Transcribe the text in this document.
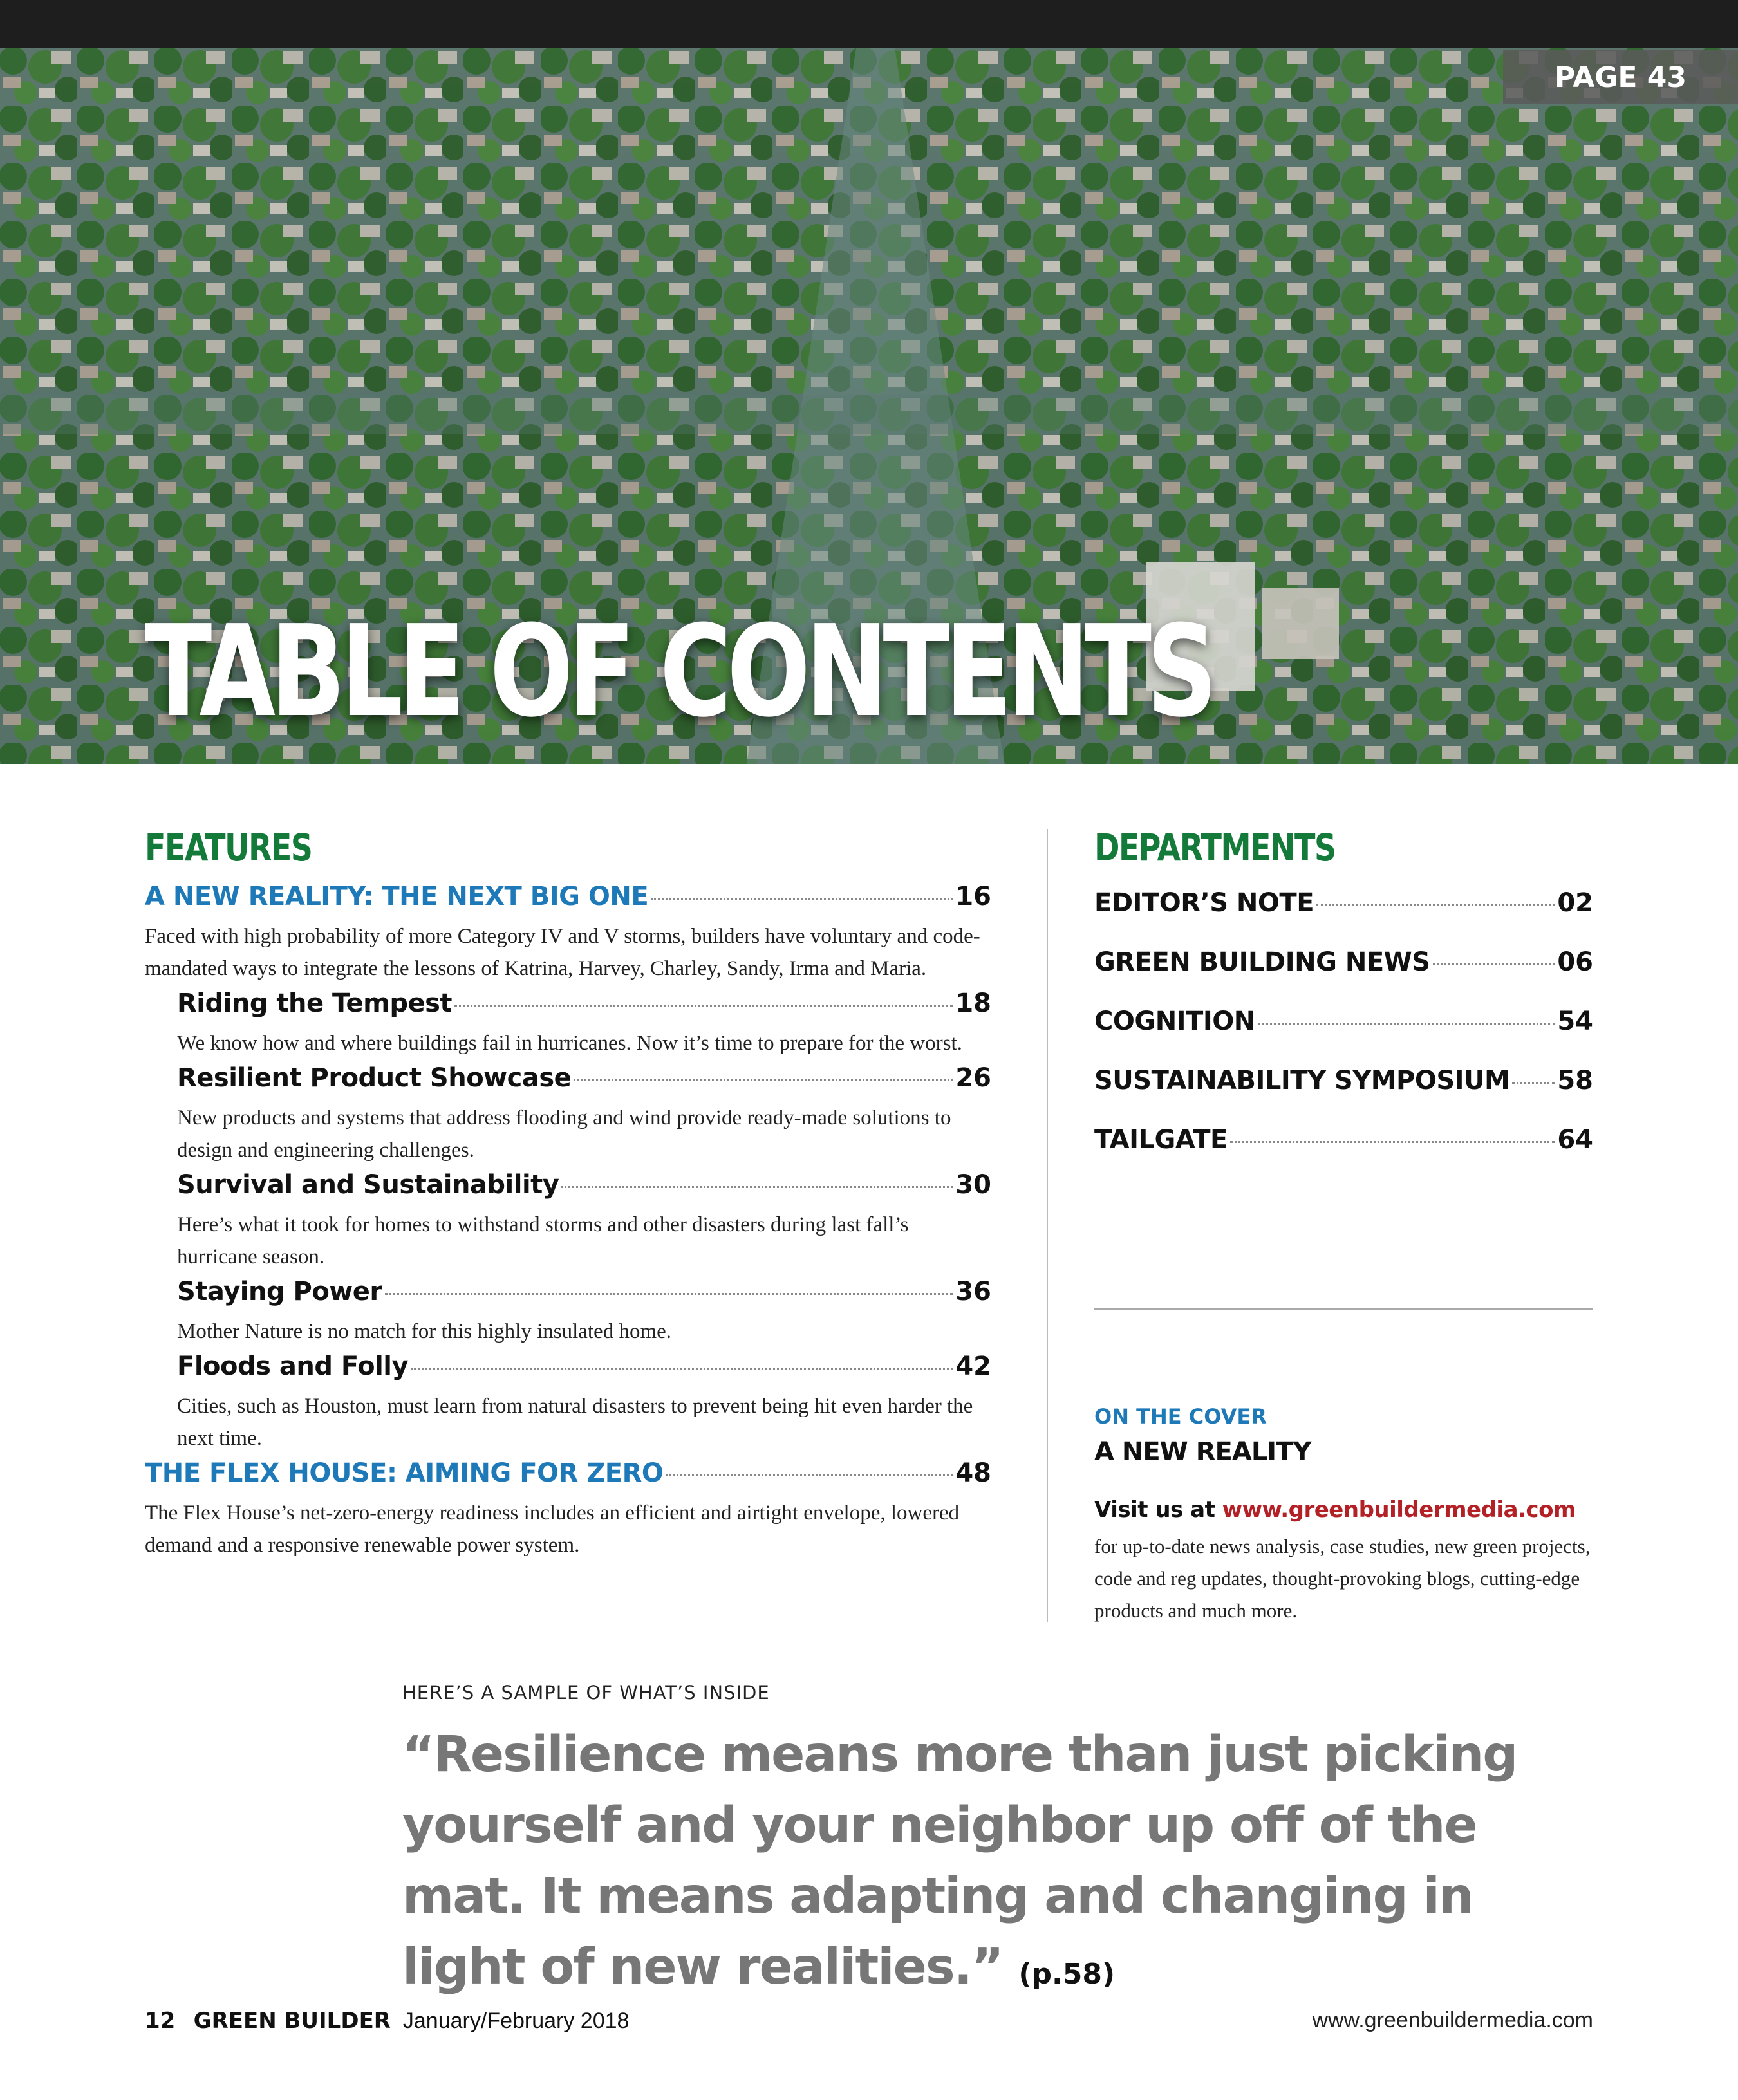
PAGE 43
TABLE OF CONTENTS
FEATURES
A NEW REALITY: THE NEXT BIG ONE	16

Faced with high probability of more Category IV and V storms, builders have voluntary and code-mandated ways to integrate the lessons of Katrina, Harvey, Charley, Sandy, Irma and Maria.

Riding the Tempest	18

We know how and where buildings fail in hurricanes. Now it’s time to prepare for the worst.

Resilient Product Showcase	26

New products and systems that address flooding and wind provide ready-made solutions to design and engineering challenges.

Survival and Sustainability	30

Here’s what it took for homes to withstand storms and other disasters during last fall’s hurricane season.

Staying Power	36

Mother Nature is no match for this highly insulated home.

Floods and Folly	42

Cities, such as Houston, must learn from natural disasters to prevent being hit even harder the next time.

THE FLEX HOUSE: AIMING FOR ZERO	48

The Flex House’s net-zero-energy readiness includes an efficient and airtight envelope, lowered demand and a responsive renewable power system.

DEPARTMENTS
EDITOR’S NOTE	02
GREEN BUILDING NEWS	06
COGNITION	54
SUSTAINABILITY SYMPOSIUM 58
TAILGATE	64
ON THE COVER
A NEW REALITY
Visit us at www.greenbuildermedia.com
for up-to-date news analysis, case studies, new green projects, code and reg updates, thought-provoking blogs, cutting-edge products and much more.
HERE’S A SAMPLE OF WHAT’S INSIDE
“Resilience means more than just picking yourself and your neighbor up off of the mat. It means adapting and changing in light of new realities.” (p.58)
12 GREEN BUILDER January/February 2018	www.greenbuildermedia.com
